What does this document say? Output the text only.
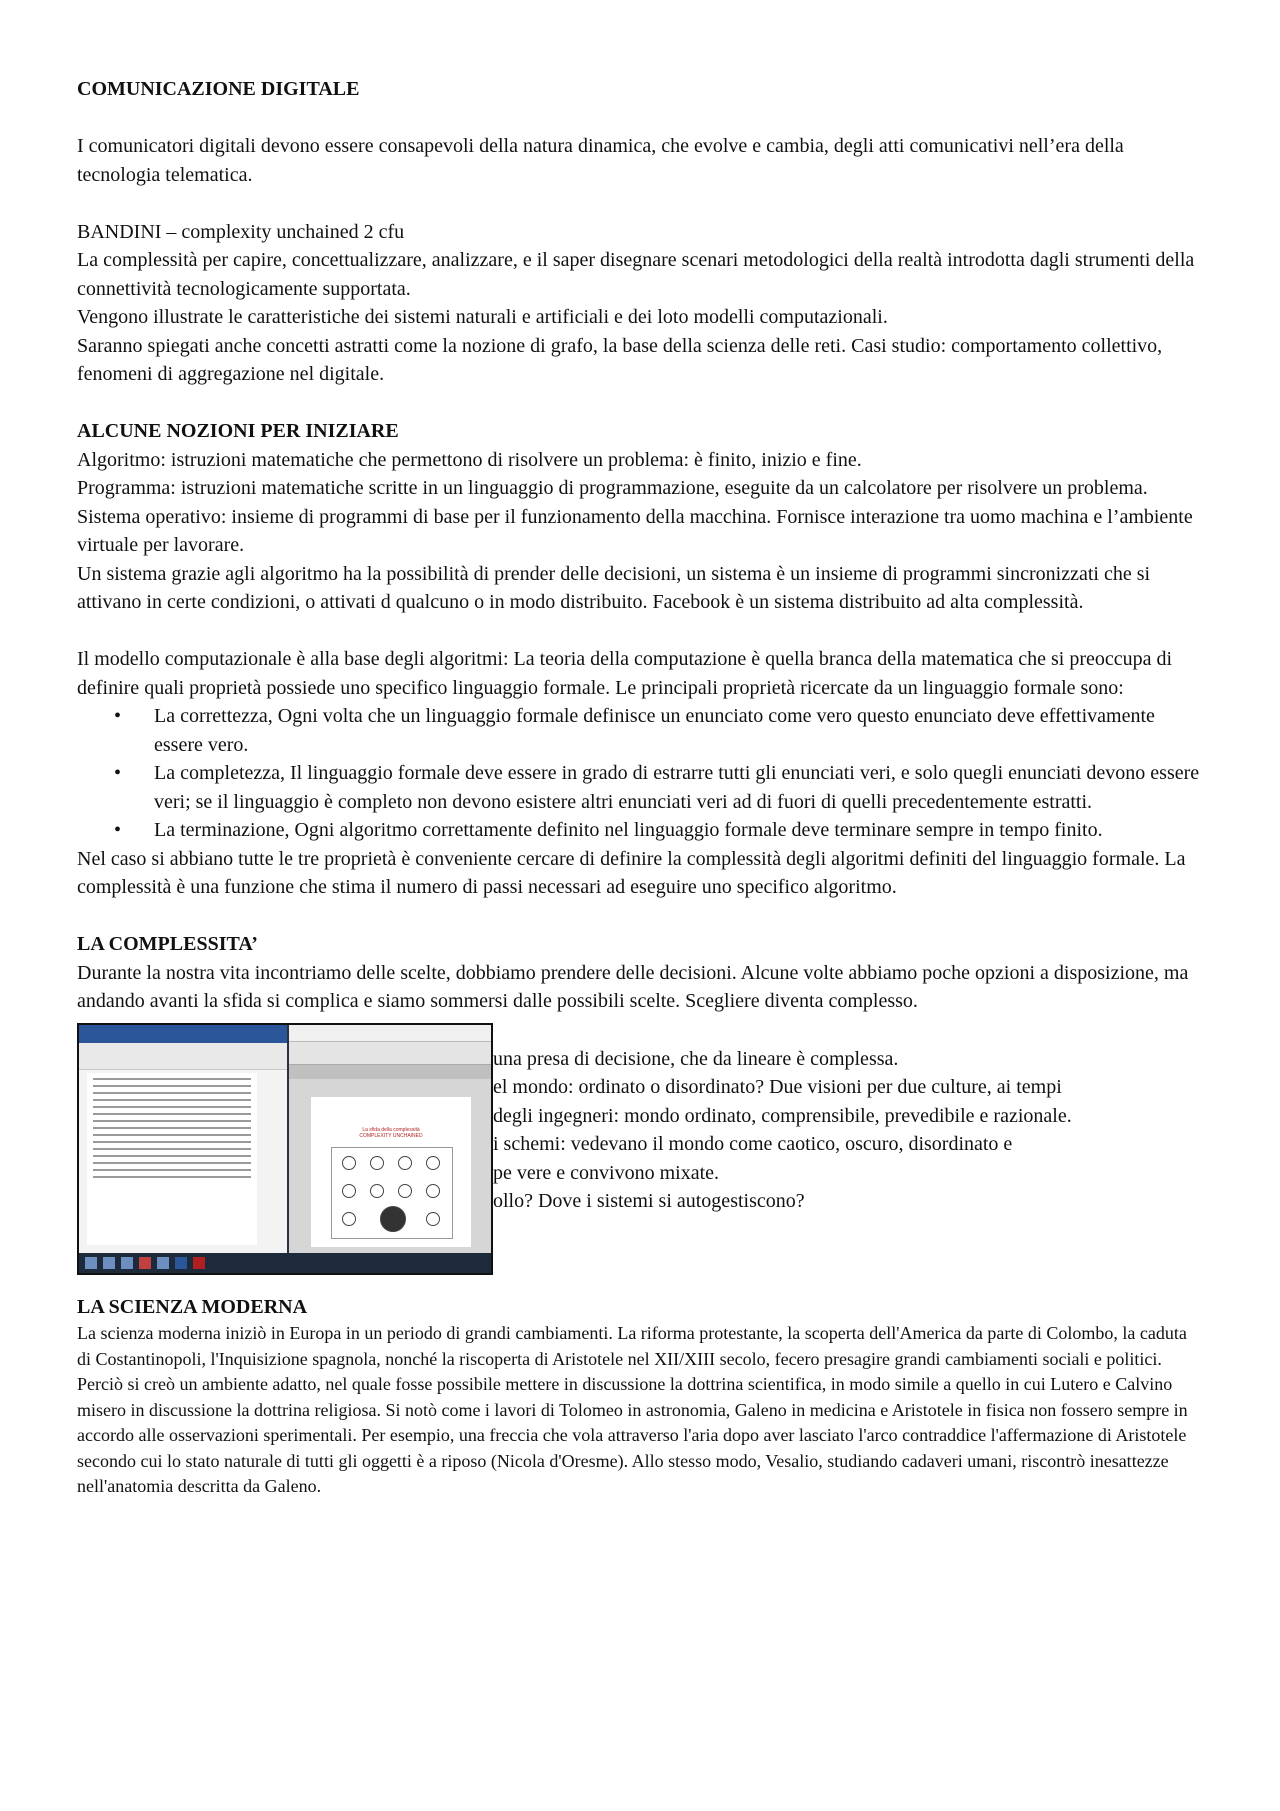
COMUNICAZIONE DIGITALE

I comunicatori digitali devono essere consapevoli della natura dinamica, che evolve e cambia, degli atti comunicativi nell’era della tecnologia telematica.

BANDINI – complexity unchained 2 cfu

La complessità per capire, concettualizzare, analizzare, e il saper disegnare scenari metodologici della realtà introdotta dagli strumenti della connettività tecnologicamente supportata.

Vengono illustrate le caratteristiche dei sistemi naturali e artificiali e dei loto modelli computazionali.

Saranno spiegati anche concetti astratti come la nozione di grafo, la base della scienza delle reti. Casi studio: comportamento collettivo, fenomeni di aggregazione nel digitale.

ALCUNE NOZIONI PER INIZIARE

Algoritmo: istruzioni matematiche che permettono di risolvere un problema: è finito, inizio e fine.

Programma: istruzioni matematiche scritte in un linguaggio di programmazione, eseguite da un calcolatore per risolvere un problema.

Sistema operativo: insieme di programmi di base per il funzionamento della macchina. Fornisce interazione tra uomo machina e l’ambiente virtuale per lavorare.

Un sistema grazie agli algoritmo ha la possibilità di prender delle decisioni, un sistema è un insieme di programmi sincronizzati che si attivano in certe condizioni, o attivati d qualcuno o in modo distribuito. Facebook è un sistema distribuito ad alta complessità.

Il modello computazionale è alla base degli algoritmi: La teoria della computazione è quella branca della matematica che si preoccupa di definire quali proprietà possiede uno specifico linguaggio formale. Le principali proprietà ricercate da un linguaggio formale sono:

• La correttezza, Ogni volta che un linguaggio formale definisce un enunciato come vero questo enunciato deve effettivamente essere vero.
• La completezza, Il linguaggio formale deve essere in grado di estrarre tutti gli enunciati veri, e solo quegli enunciati devono essere veri; se il linguaggio è completo non devono esistere altri enunciati veri ad di fuori di quelli precedentemente estratti.
• La terminazione, Ogni algoritmo correttamente definito nel linguaggio formale deve terminare sempre in tempo finito.

Nel caso si abbiano tutte le tre proprietà è conveniente cercare di definire la complessità degli algoritmi definiti del linguaggio formale. La complessità è una funzione che stima il numero di passi necessari ad eseguire uno specifico algoritmo.

LA COMPLESSITA’

Durante la nostra vita incontriamo delle scelte, dobbiamo prendere delle decisioni. Alcune volte abbiamo poche opzioni a disposizione, ma andando avanti la sfida si complica e siamo sommersi dalle possibili scelte. Scegliere diventa complesso.

La sfida della complessità
COMPLEXITY UNCHAINED

una presa di decisione, che da lineare è complessa.

el mondo: ordinato o disordinato? Due visioni per due culture, ai tempi

degli ingegneri: mondo ordinato, comprensibile, prevedibile e razionale.

i schemi: vedevano il mondo come caotico, oscuro, disordinato e

pe vere e convivono mixate.

ollo? Dove i sistemi si autogestiscono?

LA SCIENZA MODERNA

La scienza moderna iniziò in Europa in un periodo di grandi cambiamenti. La riforma protestante, la scoperta dell'America da parte di Colombo, la caduta di Costantinopoli, l'Inquisizione spagnola, nonché la riscoperta di Aristotele nel XII/XIII secolo, fecero presagire grandi cambiamenti sociali e politici. Perciò si creò un ambiente adatto, nel quale fosse possibile mettere in discussione la dottrina scientifica, in modo simile a quello in cui Lutero e Calvino misero in discussione la dottrina religiosa. Si notò come i lavori di Tolomeo in astronomia, Galeno in medicina e Aristotele in fisica non fossero sempre in accordo alle osservazioni sperimentali. Per esempio, una freccia che vola attraverso l'aria dopo aver lasciato l'arco contraddice l'affermazione di Aristotele secondo cui lo stato naturale di tutti gli oggetti è a riposo (Nicola d'Oresme). Allo stesso modo, Vesalio, studiando cadaveri umani, riscontrò inesattezze nell'anatomia descritta da Galeno.
